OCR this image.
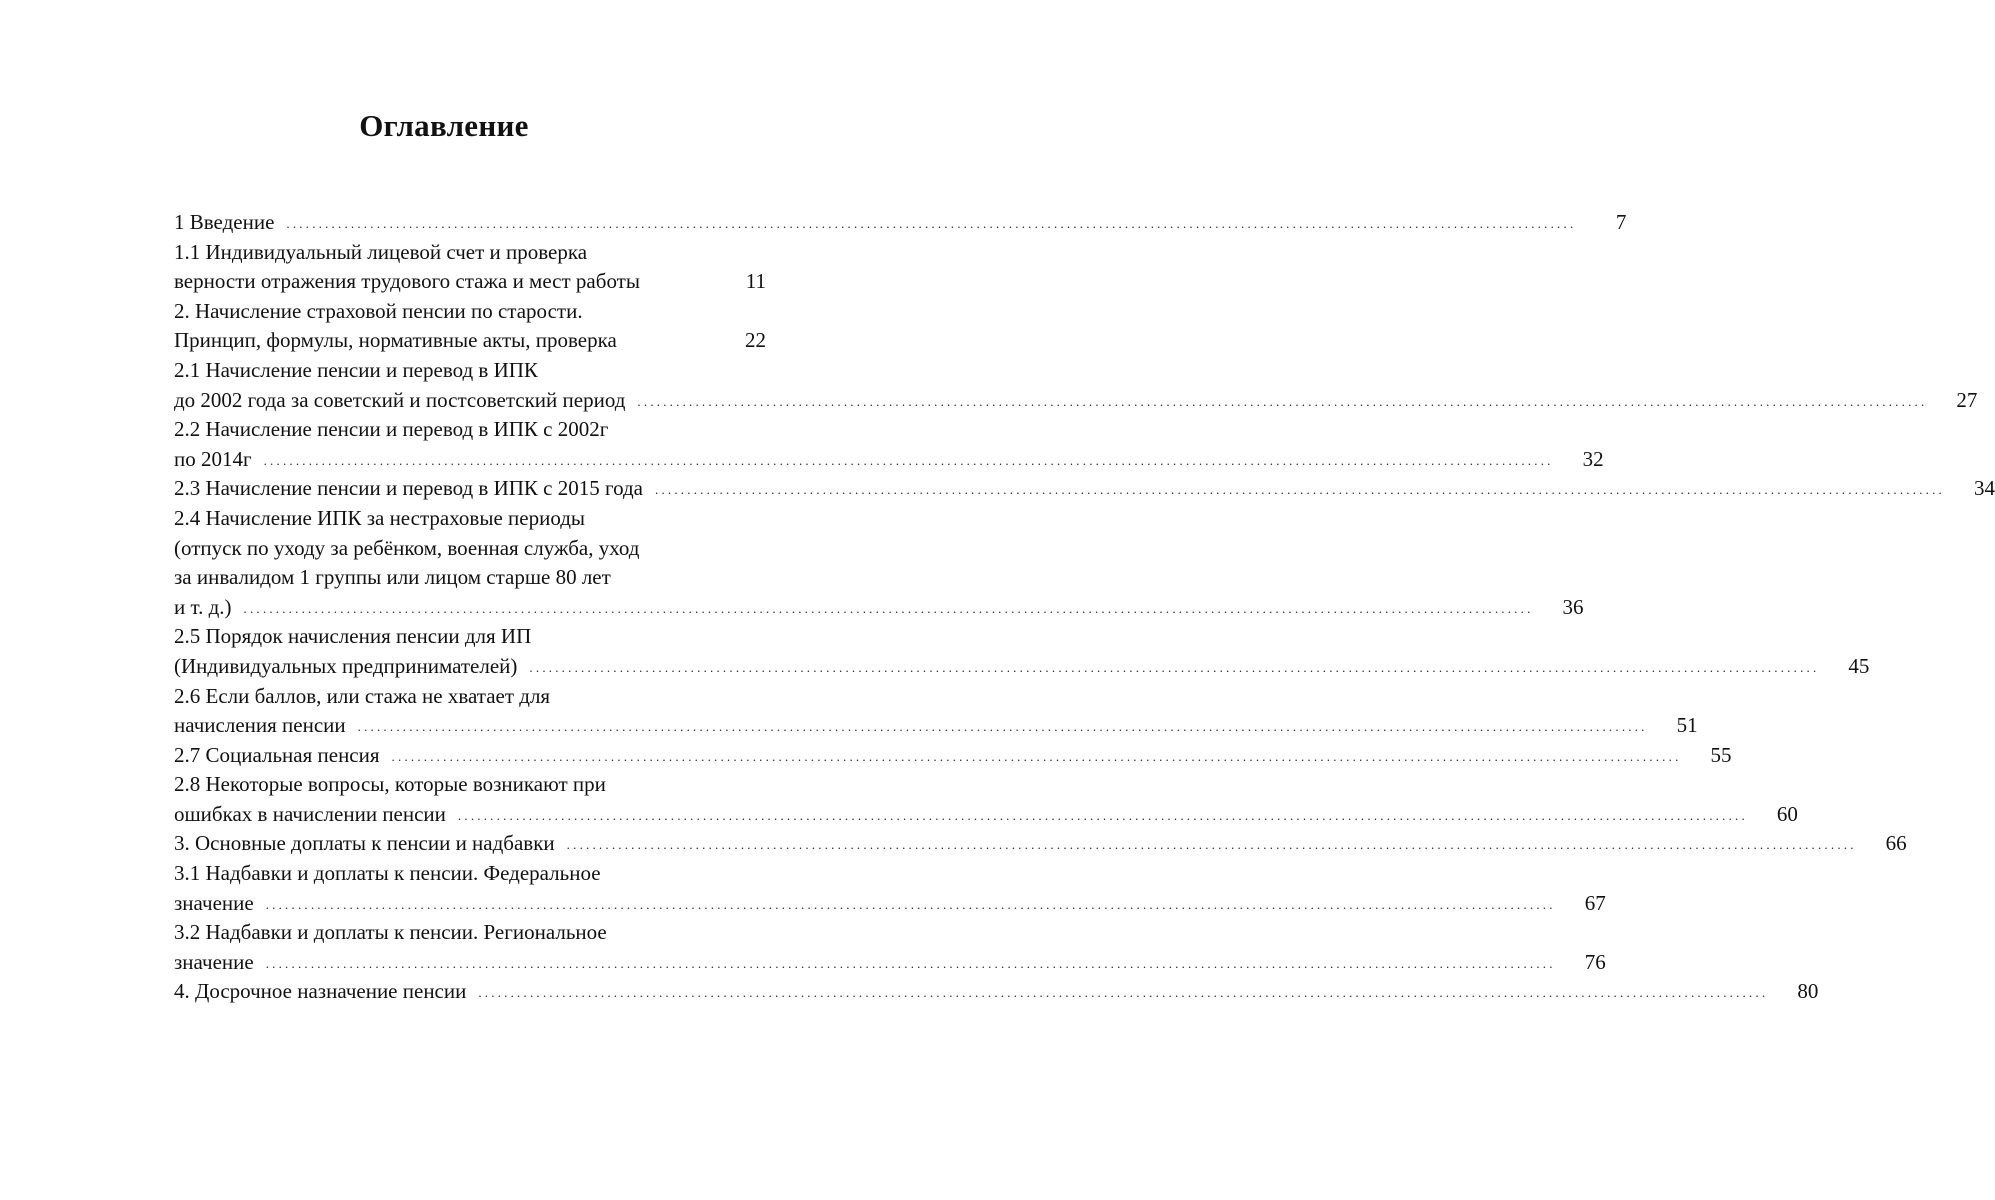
Оглавление
1 Введение ........................................................................................................................................................................................................	7
1.1 Индивидуальный лицевой счет и проверка
верности отражения трудового стажа и мест работы	11
2. Начисление страховой пенсии по старости.
Принцип, формулы, нормативные акты, проверка	22
2.1 Начисление пенсии и перевод в ИПК
до 2002 года за советский и постсоветский период ........................................................................................................................................................................................................ 27
2.2 Начисление пенсии и перевод в ИПК с 2002г
по 2014г ........................................................................................................................................................................................................ 32
2.3 Начисление пенсии и перевод в ИПК с 2015 года ........................................................................................................................................................................................................ 34
2.4 Начисление ИПК за нестраховые периоды
(отпуск по уходу за ребёнком, военная служба, уход
за инвалидом 1 группы или лицом старше 80 лет
и т. д.) ........................................................................................................................................................................................................ 36
2.5 Порядок начисления пенсии для ИП
(Индивидуальных предпринимателей) ........................................................................................................................................................................................................ 45
2.6 Если баллов, или стажа не хватает для
начисления пенсии ........................................................................................................................................................................................................ 51
2.7 Социальная пенсия ........................................................................................................................................................................................................ 55
2.8 Некоторые вопросы, которые возникают при
ошибках в начислении пенсии ........................................................................................................................................................................................................ 60
3. Основные доплаты к пенсии и надбавки ........................................................................................................................................................................................................ 66
3.1 Надбавки и доплаты к пенсии. Федеральное
значение ........................................................................................................................................................................................................ 67
3.2 Надбавки и доплаты к пенсии. Региональное
значение ........................................................................................................................................................................................................ 76
4. Досрочное назначение пенсии ........................................................................................................................................................................................................ 80
